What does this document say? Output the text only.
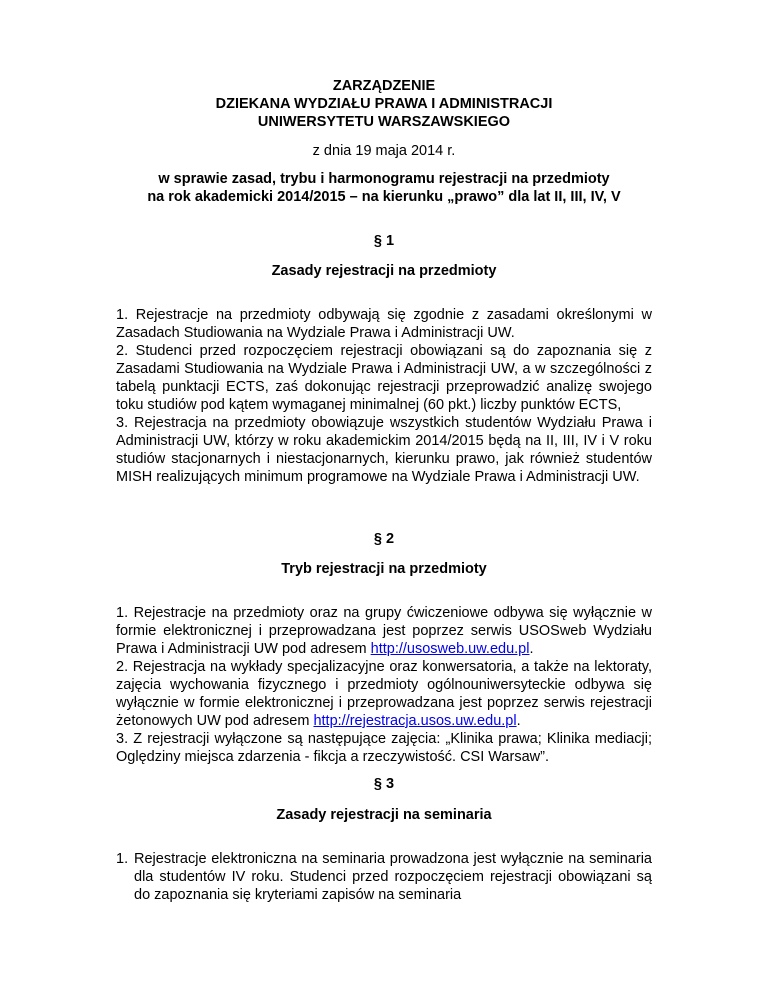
ZARZĄDZENIE
DZIEKANA WYDZIAŁU PRAWA I ADMINISTRACJI
UNIWERSYTETU WARSZAWSKIEGO
z dnia 19 maja 2014 r.
w sprawie zasad, trybu i harmonogramu rejestracji na przedmioty
na rok akademicki 2014/2015 – na kierunku „prawo” dla lat II, III, IV, V
§ 1
Zasady rejestracji na przedmioty

1. Rejestracje na przedmioty odbywają się zgodnie z zasadami określonymi w Zasadach Studiowania na Wydziale Prawa i Administracji UW.

2. Studenci przed rozpoczęciem rejestracji obowiązani są do zapoznania się z Zasadami Studiowania na Wydziale Prawa i Administracji UW, a w szczególności z tabelą punktacji ECTS, zaś dokonując rejestracji przeprowadzić analizę swojego toku studiów pod kątem wymaganej minimalnej (60 pkt.) liczby punktów ECTS,

3. Rejestracja na przedmioty obowiązuje wszystkich studentów Wydziału Prawa i Administracji UW, którzy w roku akademickim 2014/2015 będą na II, III, IV i V roku studiów stacjonarnych i niestacjonarnych, kierunku prawo, jak również studentów MISH realizujących minimum programowe na Wydziale Prawa i Administracji UW.

§ 2
Tryb rejestracji na przedmioty

1. Rejestracje na przedmioty oraz na grupy ćwiczeniowe odbywa się wyłącznie w formie elektronicznej i przeprowadzana jest poprzez serwis USOSweb Wydziału Prawa i Administracji UW pod adresem http://usosweb.uw.edu.pl.

2. Rejestracja na wykłady specjalizacyjne oraz konwersatoria, a także na lektoraty, zajęcia wychowania fizycznego i przedmioty ogólnouniwersyteckie odbywa się wyłącznie w formie elektronicznej i przeprowadzana jest poprzez serwis rejestracji żetonowych UW pod adresem http://rejestracja.usos.uw.edu.pl.

3. Z rejestracji wyłączone są następujące zajęcia: „Klinika prawa; Klinika mediacji; Oględziny miejsca zdarzenia - fikcja a rzeczywistość. CSI Warsaw”.

§ 3
Zasady rejestracji na seminaria
1. Rejestracje elektroniczna na seminaria prowadzona jest wyłącznie na seminaria dla studentów IV roku. Studenci przed rozpoczęciem rejestracji obowiązani są do zapoznania się kryteriami zapisów na seminaria
